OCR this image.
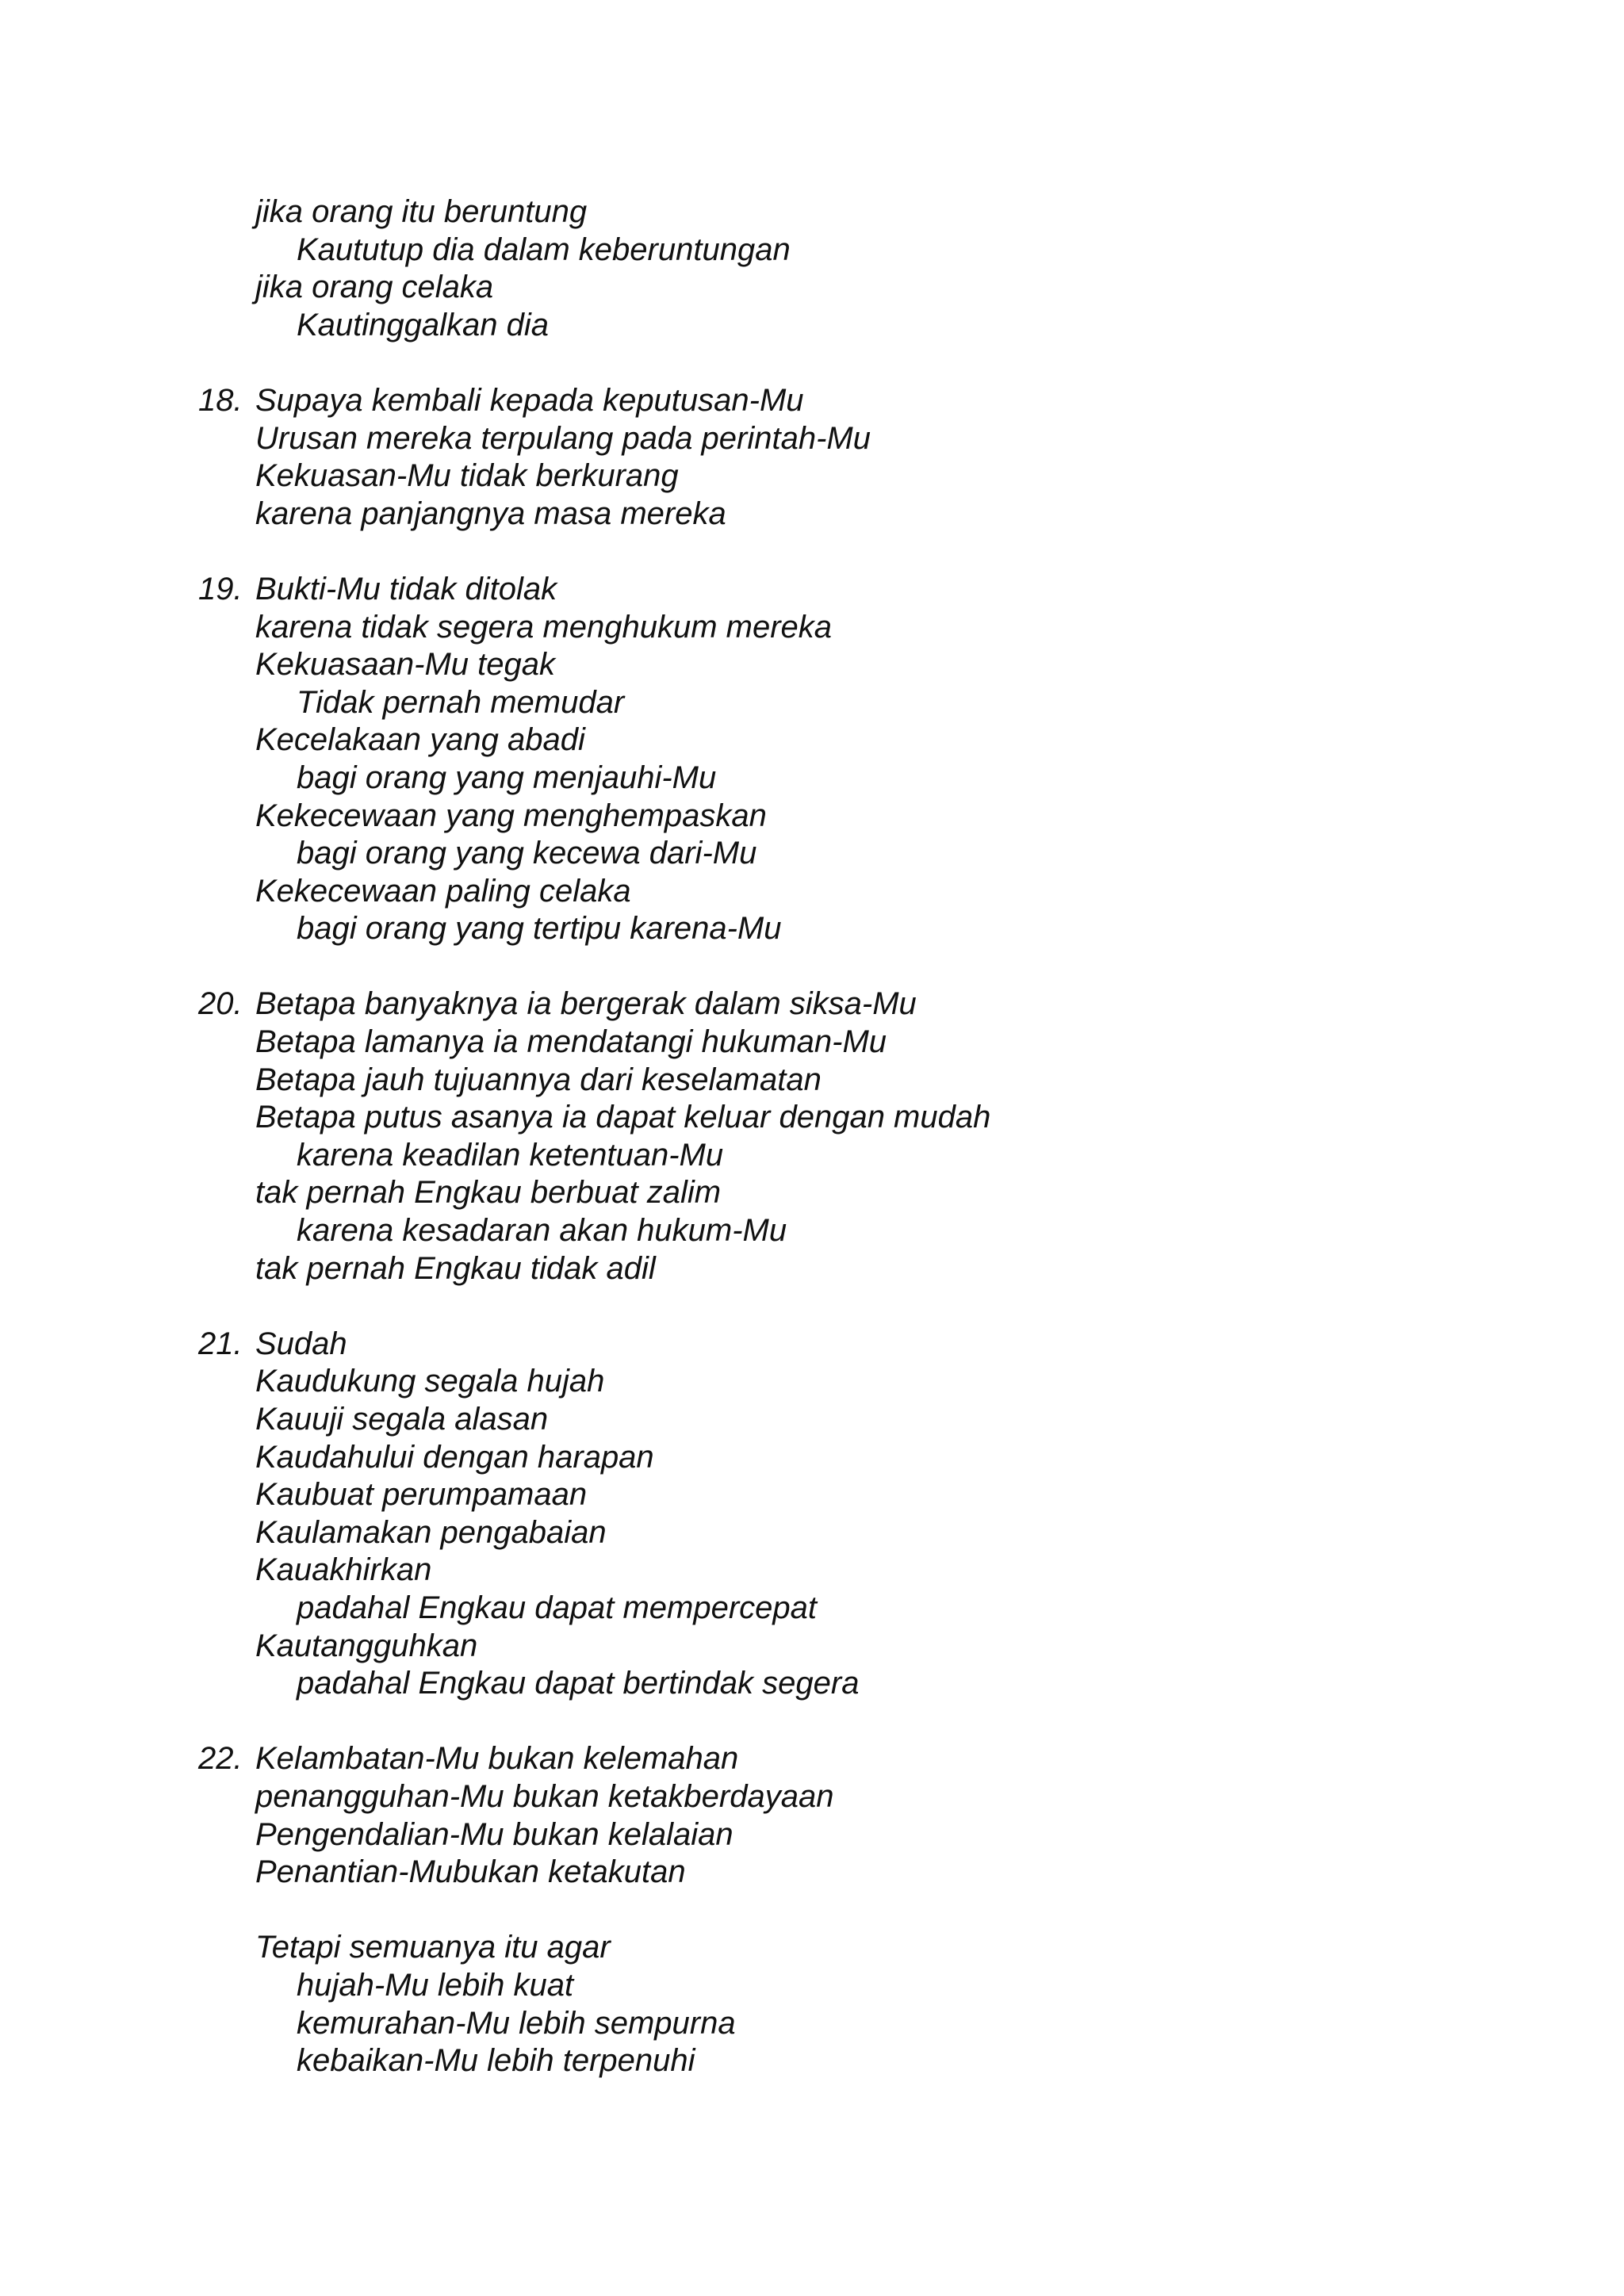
jika orang itu beruntung
Kaututup dia dalam keberuntungan
jika orang celaka
Kautinggalkan dia
18. Supaya kembali kepada keputusan-Mu
Urusan mereka terpulang pada perintah-Mu
Kekuasan-Mu tidak berkurang
karena panjangnya masa mereka
19. Bukti-Mu tidak ditolak
karena tidak segera menghukum mereka
Kekuasaan-Mu tegak
Tidak pernah memudar
Kecelakaan yang abadi
bagi orang yang menjauhi-Mu
Kekecewaan yang menghempaskan
bagi orang yang kecewa dari-Mu
Kekecewaan paling celaka
bagi orang yang tertipu karena-Mu
20. Betapa banyaknya ia bergerak dalam siksa-Mu
Betapa lamanya ia mendatangi hukuman-Mu
Betapa jauh tujuannya dari keselamatan
Betapa putus asanya ia dapat keluar dengan mudah
karena keadilan ketentuan-Mu
tak pernah Engkau berbuat zalim
karena kesadaran akan hukum-Mu
tak pernah Engkau tidak adil
21. Sudah
Kaudukung segala hujah
Kauuji segala alasan
Kaudahului dengan harapan
Kaubuat perumpamaan
Kaulamakan pengabaian
Kauakhirkan
padahal Engkau dapat mempercepat
Kautangguhkan
padahal Engkau dapat bertindak segera
22. Kelambatan-Mu bukan kelemahan
penangguhan-Mu bukan ketakberdayaan
Pengendalian-Mu bukan kelalaian
Penantian-Mubukan ketakutan
Tetapi semuanya itu agar
hujah-Mu lebih kuat
kemurahan-Mu lebih sempurna
kebaikan-Mu lebih terpenuhi
